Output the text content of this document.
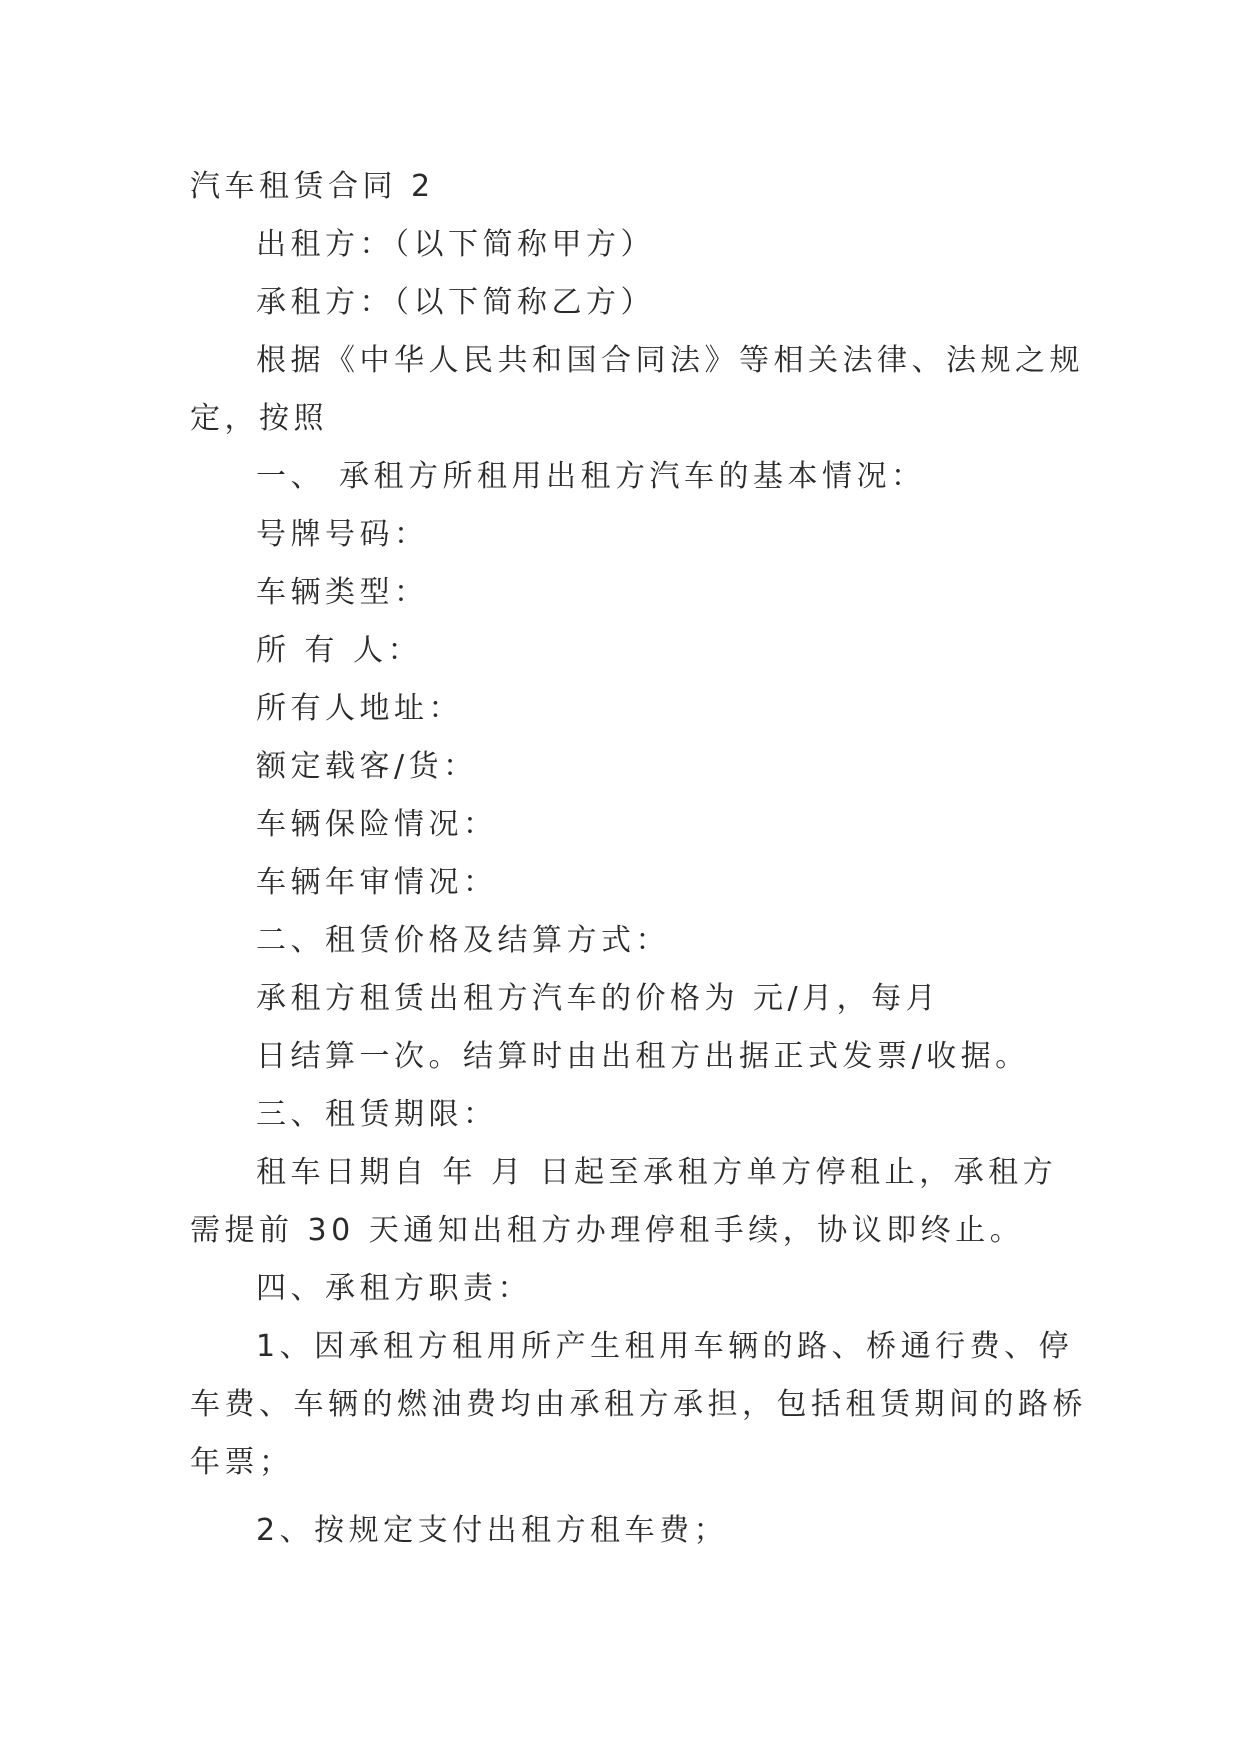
汽车租赁合同 2
出租方：（以下简称甲方）
承租方：（以下简称乙方）
根据《中华人民共和国合同法》等相关法律、法规之规
定，按照
一、 承租方所租用出租方汽车的基本情况：
号牌号码：
车辆类型：
所 有 人：
所有人地址：
额定载客/货：
车辆保险情况：
车辆年审情况：
二、租赁价格及结算方式：
承租方租赁出租方汽车的价格为 元/月，每月
日结算一次。结算时由出租方出据正式发票/收据。
三、租赁期限：
租车日期自 年 月 日起至承租方单方停租止，承租方
需提前 30 天通知出租方办理停租手续，协议即终止。
四、承租方职责：
1、因承租方租用所产生租用车辆的路、桥通行费、停
车费、车辆的燃油费均由承租方承担，包括租赁期间的路桥
年票；
2、按规定支付出租方租车费；
